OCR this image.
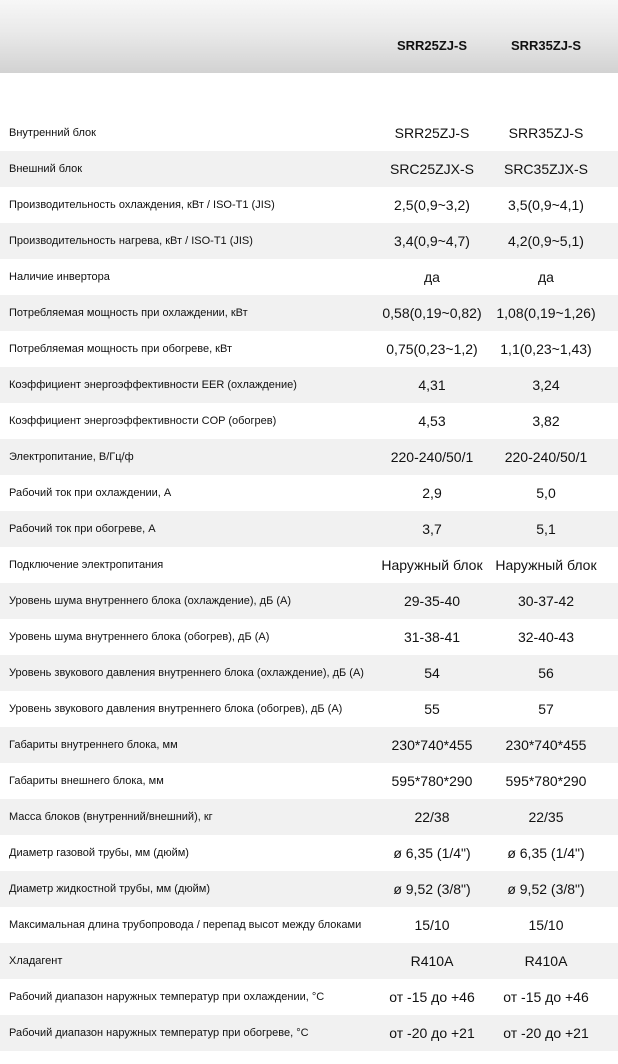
SRR25ZJ-S	SRR35ZJ-S
Внутренний блок	SRR25ZJ-S		SRR35ZJ-S	
Внешний блок	SRC25ZJX-S		SRC35ZJX-S	
Производительность охлаждения, кВт / ISO-T1 (JIS)	2,5(0,9~3,2)		3,5(0,9~4,1)	
Производительность нагрева, кВт / ISO-T1 (JIS)	3,4(0,9~4,7)		4,2(0,9~5,1)	
Наличие инвертора	да		да	
Потребляемая мощность при охлаждении, кВт	0,58(0,19~0,82)		1,08(0,19~1,26)	
Потребляемая мощность при обогреве, кВт	0,75(0,23~1,2)		1,1(0,23~1,43)	
Коэффициент энергоэффективности EER (охлаждение)	4,31		3,24	
Коэффициент энергоэффективности COP (обогрев)	4,53		3,82	
Электропитание, В/Гц/ф	220-240/50/1		220-240/50/1	
Рабочий ток при охлаждении, А	2,9		5,0	
Рабочий ток при обогреве, А	3,7		5,1	
Подключение электропитания	Наружный блок		Наружный блок	
Уровень шума внутреннего блока (охлаждение), дБ (А)	29-35-40		30-37-42	
Уровень шума внутреннего блока (обогрев), дБ (А)	31-38-41		32-40-43	
Уровень звукового давления внутреннего блока (охлаждение), дБ (А)	54		56	
Уровень звукового давления внутреннего блока (обогрев), дБ (А)	55		57	
Габариты внутреннего блока, мм	230*740*455		230*740*455	
Габариты внешнего блока, мм	595*780*290		595*780*290	
Масса блоков (внутренний/внешний), кг	22/38		22/35	
Диаметр газовой трубы, мм (дюйм)	ø 6,35 (1/4")		ø 6,35 (1/4")	
Диаметр жидкостной трубы, мм (дюйм)	ø 9,52 (3/8")		ø 9,52 (3/8")	
Максимальная длина трубопровода / перепад высот между блоками	15/10		15/10	
Хладагент	R410A		R410A	
Рабочий диапазон наружных температур при охлаждении, °С	от -15 до +46		от -15 до +46	
Рабочий диапазон наружных температур при обогреве, °С	от -20 до +21		от -20 до +21	
